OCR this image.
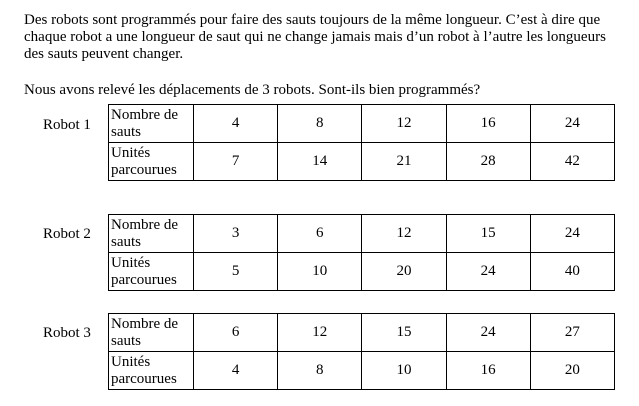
Des robots sont programmés pour faire des sauts toujours de la même longueur. C’est à dire que chaque robot a une longueur de saut qui ne change jamais mais d’un robot à l’autre les longueurs des sauts peuvent changer.

Nous avons relevé les déplacements de 3 robots. Sont-ils bien programmés?

Robot 1
Nombre de sauts	4	8	12	16	24
Unités parcourues	7	14	21	28	42
Robot 2
Nombre de sauts	3	6	12	15	24
Unités parcourues	5	10	20	24	40
Robot 3
Nombre de sauts	6	12	15	24	27
Unités parcourues	4	8	10	16	20
